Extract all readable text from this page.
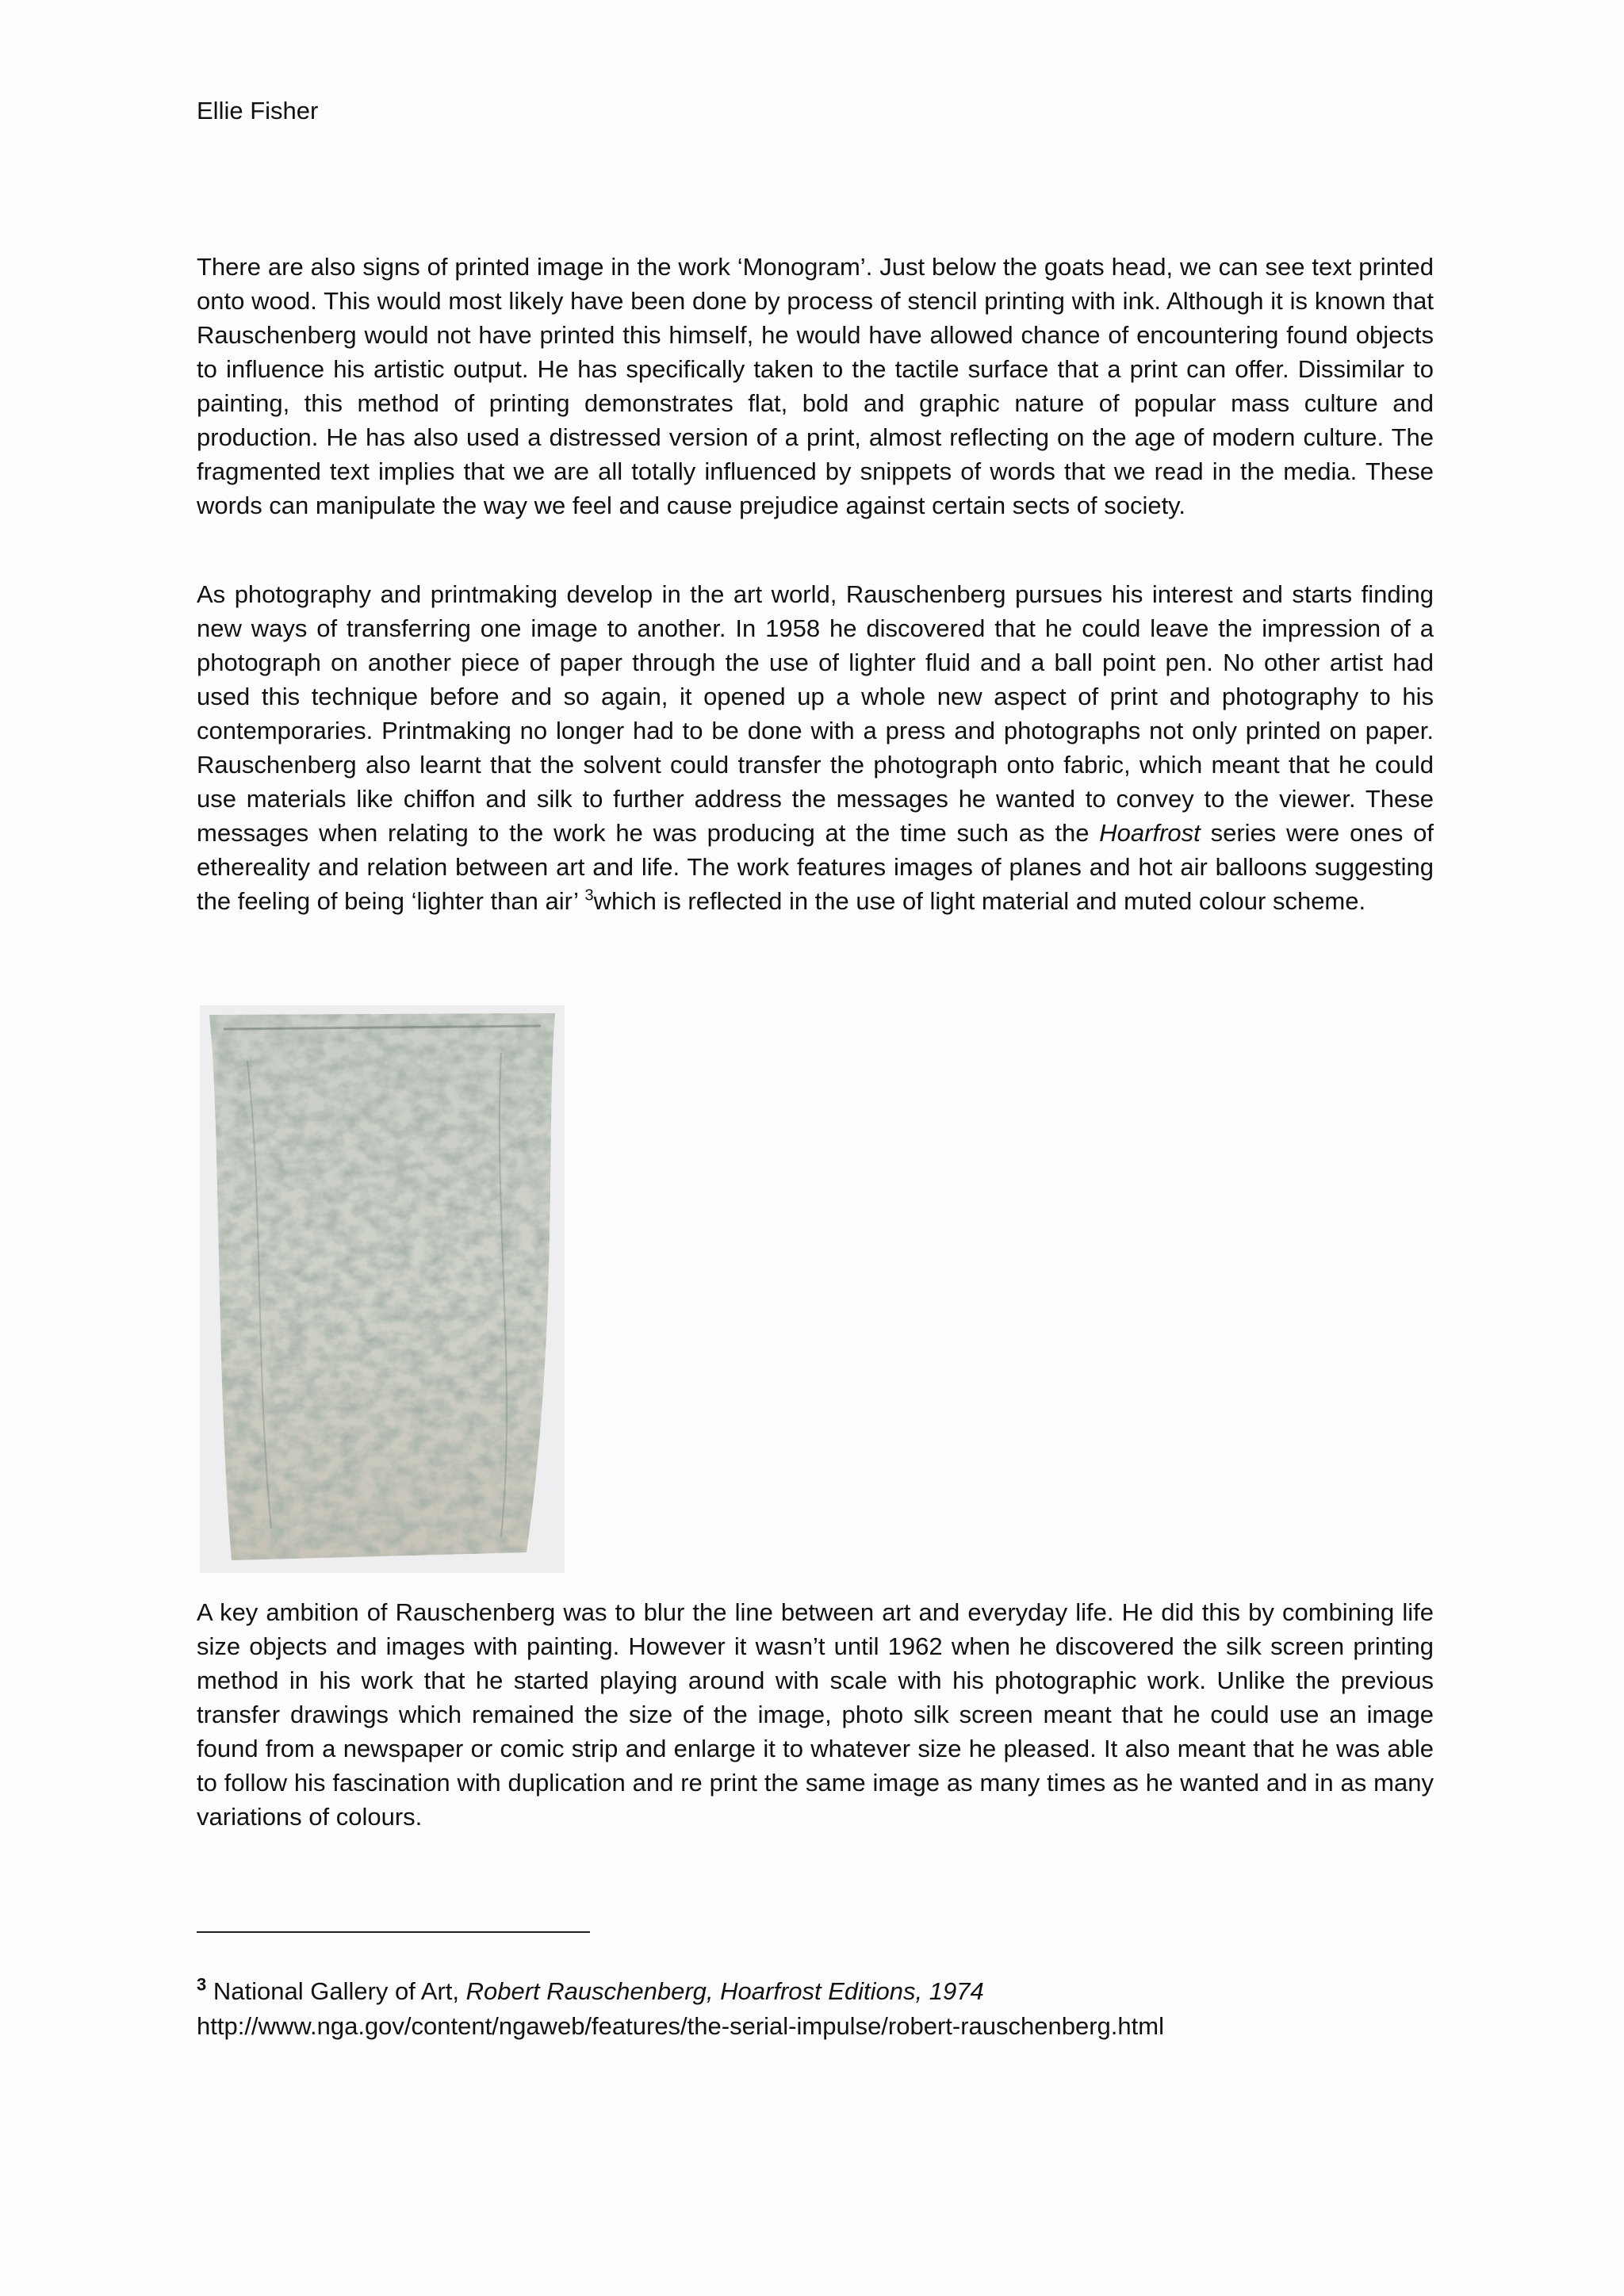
Ellie Fisher

There are also signs of printed image in the work ‘Monogram’. Just below the goats head, we can see text printed onto wood. This would most likely have been done by process of stencil printing with ink. Although it is known that Rauschenberg would not have printed this himself, he would have allowed chance of encountering found objects to influence his artistic output. He has specifically taken to the tactile surface that a print can offer. Dissimilar to painting, this method of printing demonstrates flat, bold and graphic nature of popular mass culture and production. He has also used a distressed version of a print, almost reflecting on the age of modern culture. The fragmented text implies that we are all totally influenced by snippets of words that we read in the media. These words can manipulate the way we feel and cause prejudice against certain sects of society.

As photography and printmaking develop in the art world, Rauschenberg pursues his interest and starts finding new ways of transferring one image to another. In 1958 he discovered that he could leave the impression of a photograph on another piece of paper through the use of lighter fluid and a ball point pen. No other artist had used this technique before and so again, it opened up a whole new aspect of print and photography to his contemporaries. Printmaking no longer had to be done with a press and photographs not only printed on paper. Rauschenberg also learnt that the solvent could transfer the photograph onto fabric, which meant that he could use materials like chiffon and silk to further address the messages he wanted to convey to the viewer. These messages when relating to the work he was producing at the time such as the Hoarfrost series were ones of ethereality and relation between art and life. The work features images of planes and hot air balloons suggesting the feeling of being ‘lighter than air’ $^3$which is reflected in the use of light material and muted colour scheme.

A key ambition of Rauschenberg was to blur the line between art and everyday life. He did this by combining life size objects and images with painting. However it wasn’t until 1962 when he discovered the silk screen printing method in his work that he started playing around with scale with his photographic work. Unlike the previous transfer drawings which remained the size of the image, photo silk screen meant that he could use an image found from a newspaper or comic strip and enlarge it to whatever size he pleased. It also meant that he was able to follow his fascination with duplication and re print the same image as many times as he wanted and in as many variations of colours.

$^3$ National Gallery of Art, Robert Rauschenberg, Hoarfrost Editions, 1974
http://www.nga.gov/content/ngaweb/features/the-serial-impulse/robert-rauschenberg.html
